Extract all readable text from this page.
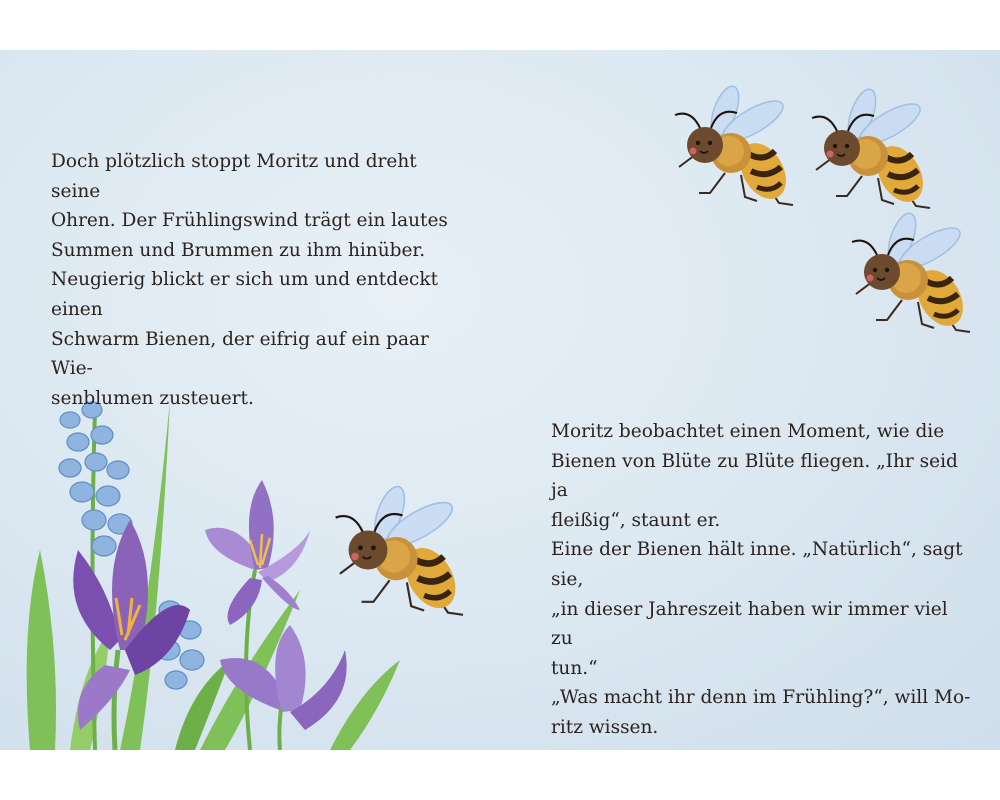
Doch plötzlich stoppt Moritz und dreht seine
Ohren. Der Frühlingswind trägt ein lautes
Summen und Brummen zu ihm hinüber.
Neugierig blickt er sich um und entdeckt einen
Schwarm Bienen, der eifrig auf ein paar Wie-
senblumen zusteuert.

Moritz beobachtet einen Moment, wie die
Bienen von Blüte zu Blüte fliegen. „Ihr seid ja
fleißig“, staunt er.
Eine der Bienen hält inne. „Natürlich“, sagt sie,
„in dieser Jahreszeit haben wir immer viel zu
tun.“
„Was macht ihr denn im Frühling?“, will Mo-
ritz wissen.
